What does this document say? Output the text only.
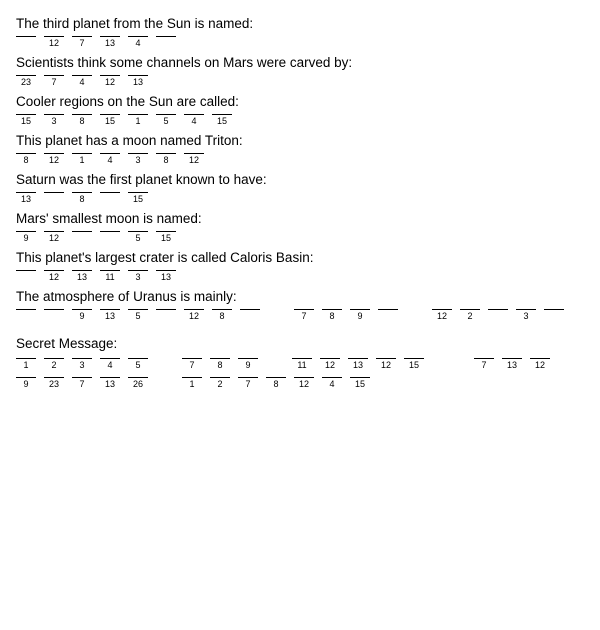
The third planet from the Sun is named:
12 7 13 4
Scientists think some channels on Mars were carved by:
23 7	4 12 13
Cooler regions on the Sun are called:
15 3	8 15 1	5	4 15
This planet has a moon named Triton:
8 12 1	4	3	8 12
Saturn was the first planet known to have:
13	8	15
Mars' smallest moon is named:
9 12	5 15
This planet's largest crater is called Caloris Basin:
12 13 11 3 13
The atmosphere of Uranus is mainly:
9 13 5	12 8	7	8	9	12 2	3
Secret Message:
1	2	3	4	5	7	8	9	11 12 13 12 15	7 13 12
9 23 7 13 26	1	2	7	8 12 4 15
